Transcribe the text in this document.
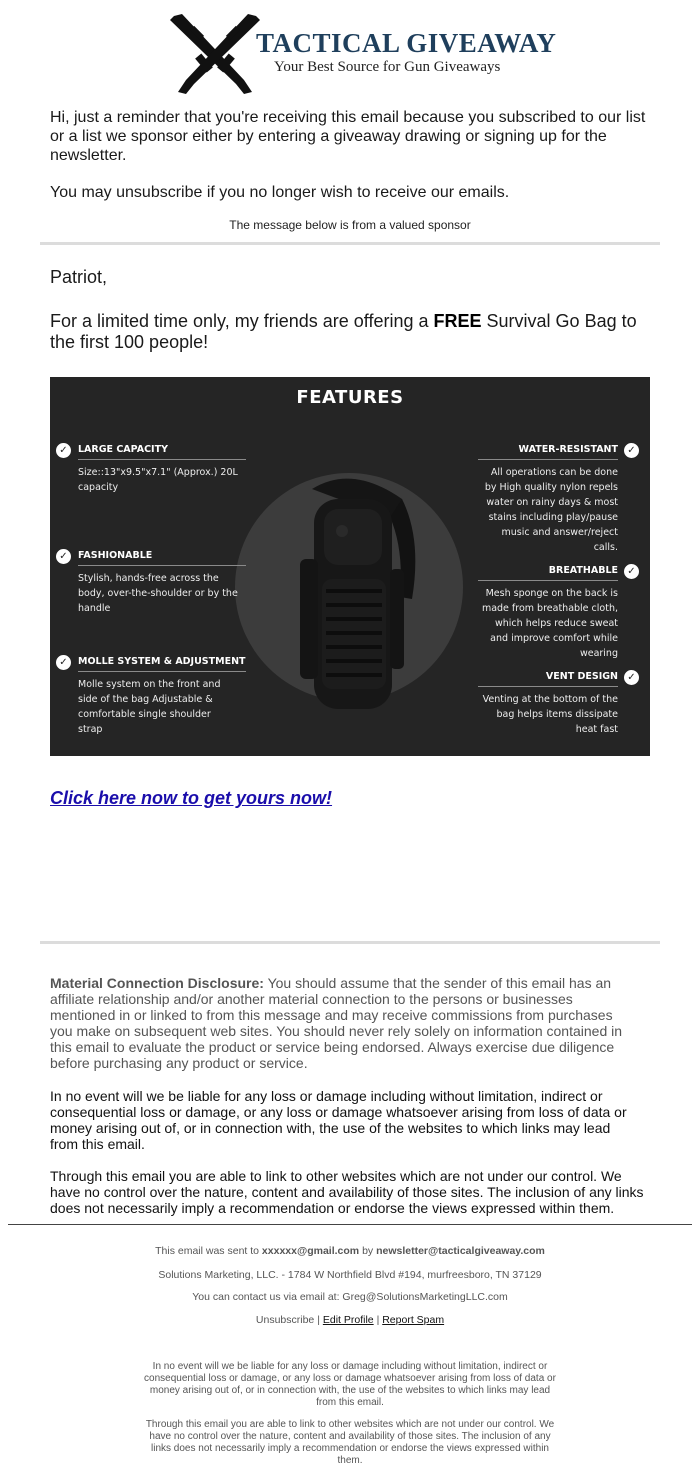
TACTICAL GIVEAWAY
Your Best Source for Gun Giveaways

Hi, just a reminder that you're receiving this email because you subscribed to our list or a list we sponsor either by entering a giveaway drawing or signing up for the newsletter.

You may unsubscribe if you no longer wish to receive our emails.

The message below is from a valued sponsor
Patriot,
For a limited time only, my friends are offering a FREE Survival Go Bag to the first 100 people!
FEATURES
✓	LARGE CAPACITY
Size::13"x9.5"x7.1" (Approx.) 20L capacity
✓	FASHIONABLE
Stylish, hands-free across the body, over-the-shoulder or by the handle
✓	MOLLE SYSTEM & ADJUSTMENT
Molle system on the front and side of the bag Adjustable & comfortable single shoulder strap
✓
WATER-RESISTANT
All operations can be done by High quality nylon repels water on rainy days & most stains including play/pause music and answer/reject calls.
✓
BREATHABLE
Mesh sponge on the back is made from breathable cloth, which helps reduce sweat and improve comfort while wearing
✓
VENT DESIGN
Venting at the bottom of the bag helps items dissipate heat fast
Click here now to get yours now!
Material Connection Disclosure: You should assume that the sender of this email has an affiliate relationship and/or another material connection to the persons or businesses mentioned in or linked to from this message and may receive commissions from purchases you make on subsequent web sites. You should never rely solely on information contained in this email to evaluate the product or service being endorsed. Always exercise due diligence before purchasing any product or service.
In no event will we be liable for any loss or damage including without limitation, indirect or consequential loss or damage, or any loss or damage whatsoever arising from loss of data or money arising out of, or in connection with, the use of the websites to which links may lead from this email.
Through this email you are able to link to other websites which are not under our control. We have no control over the nature, content and availability of those sites. The inclusion of any links does not necessarily imply a recommendation or endorse the views expressed within them.
This email was sent to xxxxxx@gmail.com by newsletter@tacticalgiveaway.com
Solutions Marketing, LLC. - 1784 W Northfield Blvd #194, murfreesboro, TN 37129
You can contact us via email at: Greg@SolutionsMarketingLLC.com
Unsubscribe | Edit Profile | Report Spam
In no event will we be liable for any loss or damage including without limitation, indirect or consequential loss or damage, or any loss or damage whatsoever arising from loss of data or money arising out of, or in connection with, the use of the websites to which links may lead from this email.
Through this email you are able to link to other websites which are not under our control. We have no control over the nature, content and availability of those sites. The inclusion of any links does not necessarily imply a recommendation or endorse the views expressed within them.
